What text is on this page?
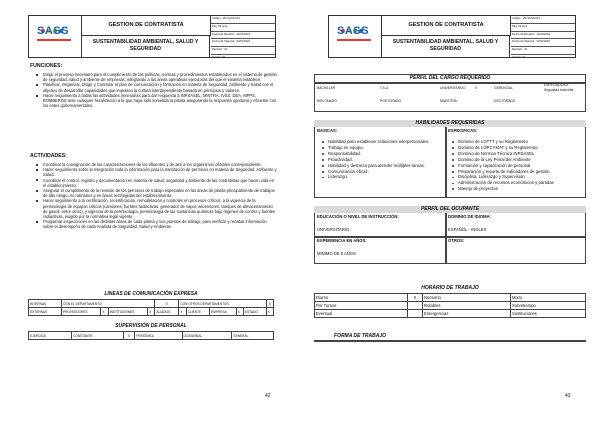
SASS	GESTION DE CONTRATISTA
SUSTENTABILIDAD AMBIENTAL, SALUD Y SEGURIDAD
Código : VR-SASS-014
Pág. 59 pme
Fecha de Revisión : 22/01/2019
Fecha de Vigencia : 22/01/2020
Revisión : 01
Versión: 01
FUNCIONES:
Dirigir el proceso necesario para el cumplimiento de las políticas, normas y procedimientos establecidos en el sistema de gestión de seguridad, salud y ambiente de empresas, integrando a las áreas operativas ejecutoras del que el sistema establece.
Planificar, Organizar, Dirigir y Controlar el plan de comunicación y formación en materia de Seguridad, Ambiente y Salud con el objetivo de desarrollar capacidades que impulsen la cultura interdependiente basada en principios y Valores.
Hacer seguimiento a todas las actividades necesarias para dar respuesta a INPSASEL, MINTRA, IVSS, DEA, MPPS, BOMBEROS ante cualquier fiscalización a la que haya sido sometida la planta asegurando la respuesta oportuna y eficiente con los entes gubernamentales.
ACTIVIDADES:
Coordinar la consignación de las caracterizaciones de los efluentes y de aire a los organismos oficiales correspondiente.
Hacer seguimiento sobre la Integración toda la información para la tramitación de permisos en materia de Seguridad, Ambiente y Salud.
Coordinar el control, registro y documentación en materia de salud, seguridad y ambiente de las contratistas que hacen vida en el establecimiento.
Asegurar el cumplimiento de la revisión de los permisos de trabajo especiales en las áreas de planta principalmente de trabajos de alto riesgo, no rutinarios y en áreas restringidas del establecimiento.
Hacer seguimiento a la certificación, recertificación, remodelación y controles en procesos críticos, a la vigencia de la permisología de equipos críticos (camiones, fuentes radiactivas, generador de vapor, ascensores, tanques de almacenamiento de gasoil, entre otros), y vigencia de la permisología, permisología de las sustancias químicas bajo régimen de control y fuentes radiactivas, exigido por la normativa legal vigente.
Programar inspecciones en las distintas áreas de cada planta y sus puestos de trabajo, para verificar y recabar información sobre el desempeño de cada Analista de Seguridad, Salud y Ambiente.
LINEAS DE COMUNICACIÓN EXPRESA
INTERNAS	CON EL DEPARTAMENTO				X	CON OTROS DEPARTAMENTOS					X
EXTERNAS	PROVEEDORES	X	INSTITUCIONES	X	ALIADOS	X	CLIENTE	EMPRESA	X	ESTADO	X
SUPERVISIÓN DE PERSONAL
EJERCIDA	CONSTANTE	X	PERIÓDICA	OCASIONAL	GENERAL
42
SASS	GESTION DE CONTRATISTA
SUSTENTABILIDAD AMBIENTAL, SALUD Y SEGURIDAD
Código : VR-SASS-014
Pág. 59 pme
Fecha de Revisión : 22/01/2019
Fecha de Vigencia : 22/01/2020
Revisión : 01
Versión: 01
PERFIL DEL CARGO REQUERIDO
BACHILLER	T.S.U.	UNIVERSITARIO	X	GERENCIAL
ESPECIALIDAD:
Seguridad industrial
DIPLOMADO	POSTGRADO	MAESTRÍA	DOCTORADO
HABILIDADES REQUERIDAS
BASICAS:	ESPECIFICAS:
Habilidad para establecer relaciones interpersonales.
Trabajo en equipo.
Responsabilidad.
Proactividad.
Habilidad y destreza para atender múltiples tareas.
Comunicación eficaz.
Liderazgo.
Dominio de LOTTT y su Reglamento
Dominio de LOPCYMAT y su Reglamento
Dominio de Normas Técnica INPSASEL
Dominio de la Ley Penal del Ambiente
Formación y capacitación de personal
Preparación y reporte de indicadores de gestión
Disciplina, Liderazgo y Supervisión
Administración de recursos económicos y partidas
Manejo de proyectos
PERFIL DEL OCUPANTE
EDUCACIÓN O NIVEL DE INSTRUCCIÓN:
UNIVERSITARIO
DOMINIO DE IDIOMA:
ESPAÑOL - INGLES
EXPERIENCIA EN AÑOS:
MINIMO DE 5 AÑOS
OTROS:
HORARIO DE TRABAJO
Diurno	X	Nocturno	Mixto
Por Turnos		Rotables	Sobretiempo
Eventual		Emergencias	Sustituciones
FORMA DE TRABAJO
43
